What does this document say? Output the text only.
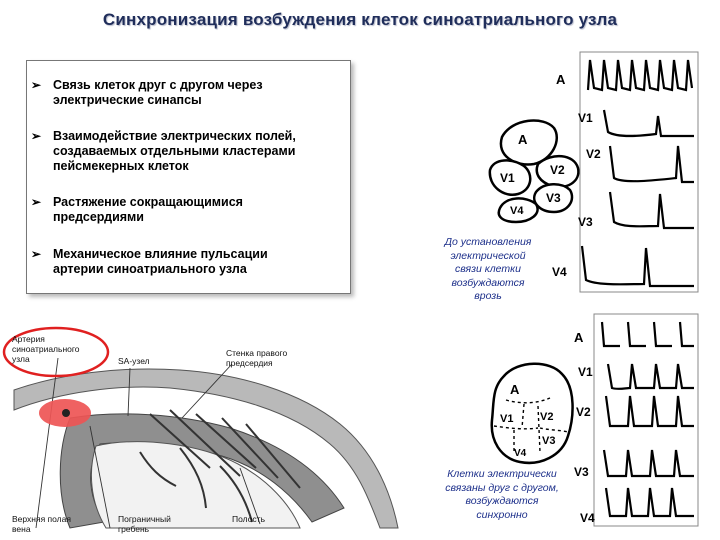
Синхронизация возбуждения клеток синоатриального узла
➢ Связь клеток друг с другом через
электрические синапсы
➢ Взаимодействие электрических полей,
создаваемых отдельными кластерами
пейсмекерных клеток
➢ Растяжение сокращающимися
предсердиями
➢ Механическое влияние пульсации
артерии синоатриального узла
A
V2
V1
V3
V4
A
V1
V2
V3
V4
До установления
электрической
связи клетки
возбуждаются
врозь
A
V2
V1
V3
V4
A
V1
V2
V3
V4
Клетки электрически
связаны друг с другом,
возбуждаются
синхронно
Артерия
синоатриального
узла	SA-узел
Стенка правого
предсердия
Верхняя полая
вена
Пограничный
гребень
Полость
